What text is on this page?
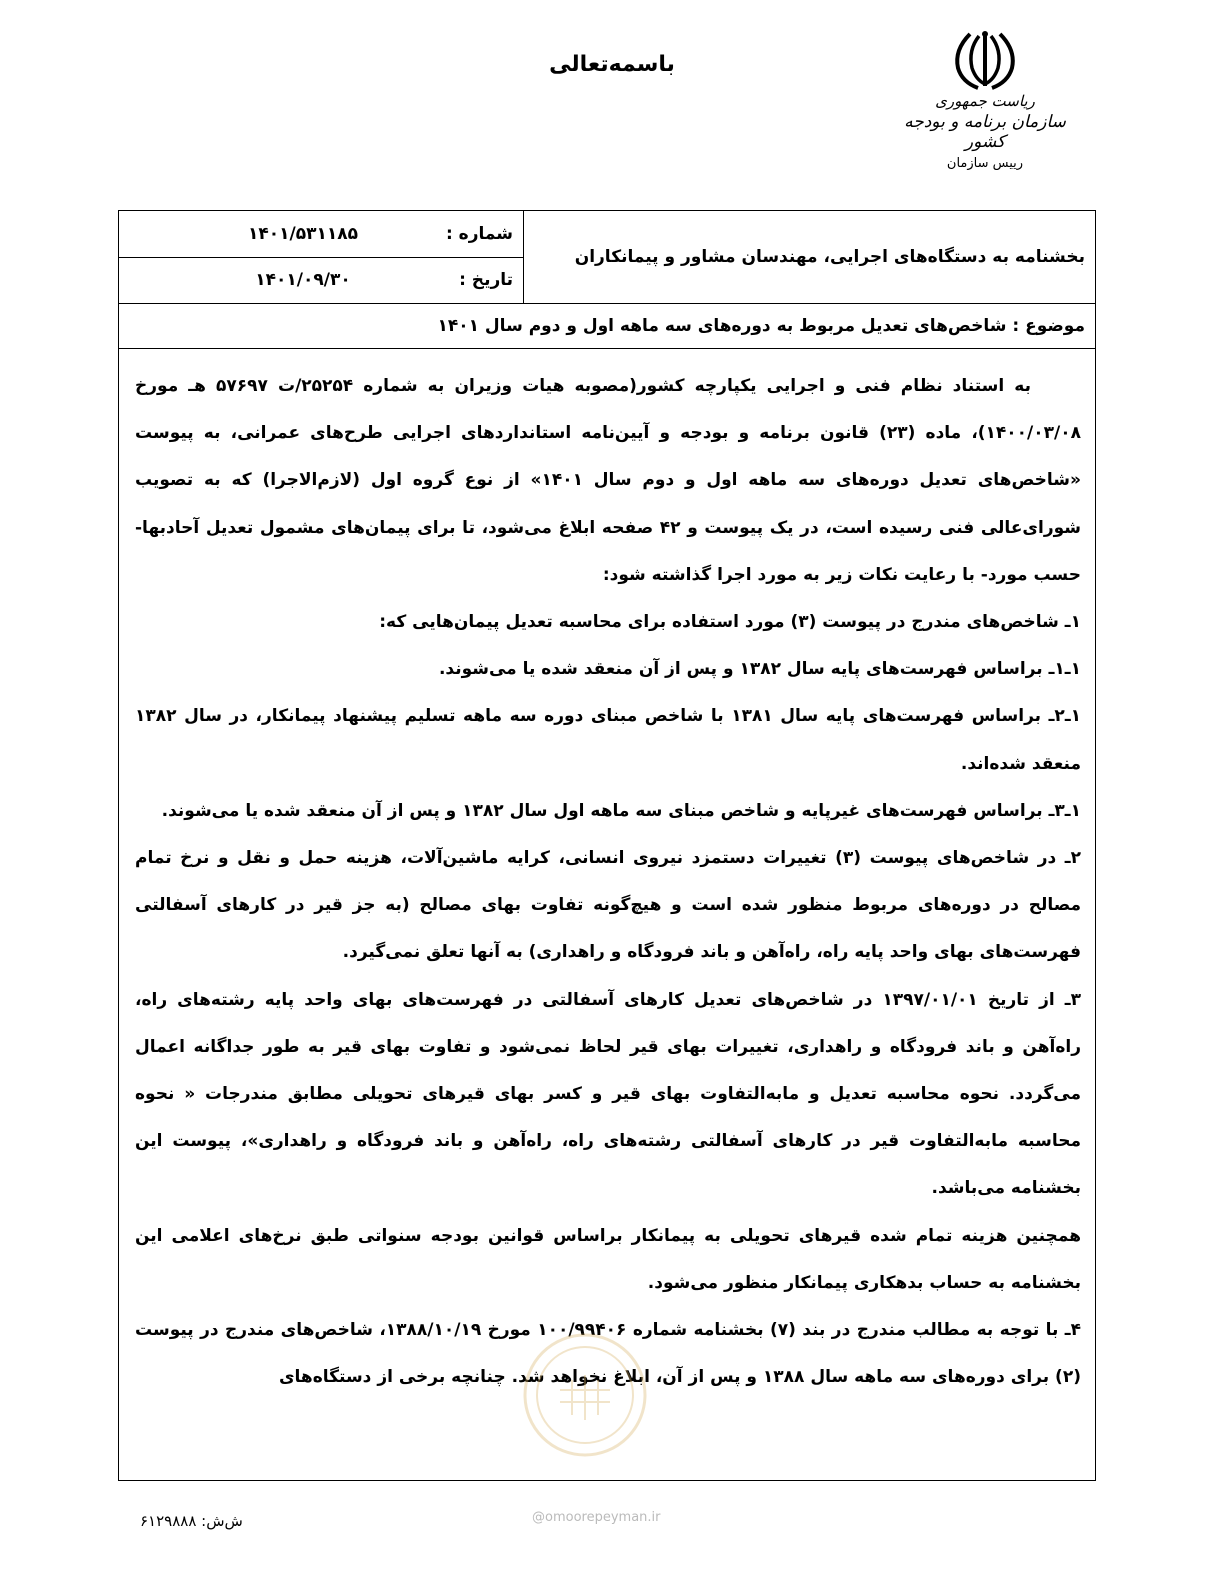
باسمه‌تعالی
ریاست جمهوری
سازمان برنامه و بودجه کشور
رییس سازمان
بخشنامه به دستگاه‌های اجرایی، مهندسان مشاور و پیمانکاران
شماره :
۱۴۰۱/۵۳۱۱۸۵
تاریخ :
۱۴۰۱/۰۹/۳۰
موضوع : شاخص‌های تعدیل مربوط به دوره‌های سه ماهه اول و دوم سال ۱۴۰۱

به استناد نظام فنی و اجرایی یکپارچه کشور(مصوبه هیات وزیران به شماره ۲۵۲۵۴/ت ۵۷۶۹۷ هـ مورخ ۱۴۰۰/۰۳/۰۸)، ماده (۲۳) قانون برنامه و بودجه و آیین‌نامه استانداردهای اجرایی طرح‌های عمرانی، به پیوست «شاخص‌های تعدیل دوره‌های سه ماهه اول و دوم سال ۱۴۰۱» از نوع گروه اول (لازم‌الاجرا) که به تصویب شورای‌عالی فنی رسیده است، در یک پیوست و ۴۲ صفحه ابلاغ می‌شود، تا برای پیمان‌های مشمول تعدیل آحادبها- حسب مورد- با رعایت نکات زیر به مورد اجرا گذاشته شود:

۱ـ شاخص‌های مندرج در پیوست (۳) مورد استفاده برای محاسبه تعدیل پیمان‌هایی که:

۱ـ۱ـ براساس فهرست‌های پایه سال ۱۳۸۲ و پس از آن منعقد شده یا می‌شوند.

۱ـ۲ـ براساس فهرست‌های پایه سال ۱۳۸۱ با شاخص مبنای دوره سه ماهه تسلیم پیشنهاد پیمانکار، در سال ۱۳۸۲ منعقد شده‌اند.

۱ـ۳ـ براساس فهرست‌های غیرپایه و شاخص مبنای سه ماهه اول سال ۱۳۸۲ و پس از آن منعقد شده یا می‌شوند.

۲ـ در شاخص‌های پیوست (۳) تغییرات دستمزد نیروی انسانی، کرایه ماشین‌آلات، هزینه حمل و نقل و نرخ تمام مصالح در دوره‌های مربوط منظور شده است و هیچ‌گونه تفاوت بهای مصالح (به جز قیر در کارهای آسفالتی فهرست‌های بهای واحد پایه راه، راه‌آهن و باند فرودگاه و راهداری) به آنها تعلق نمی‌گیرد.

۳ـ از تاریخ ۱۳۹۷/۰۱/۰۱ در شاخص‌های تعدیل کارهای آسفالتی در فهرست‌های بهای واحد پایه رشته‌های راه، راه‌آهن و باند فرودگاه و راهداری، تغییرات بهای قیر لحاظ نمی‌شود و تفاوت بهای قیر به طور جداگانه اعمال می‌گردد. نحوه محاسبه تعدیل و مابه‌التفاوت بهای قیر و کسر بهای قیرهای تحویلی مطابق مندرجات « نحوه محاسبه مابه‌التفاوت قیر در کارهای آسفالتی رشته‌های راه، راه‌آهن و باند فرودگاه و راهداری»، پیوست این بخشنامه می‌باشد.

همچنین هزینه تمام شده قیرهای تحویلی به پیمانکار براساس قوانین بودجه سنواتی طبق نرخ‌های اعلامی این بخشنامه به حساب بدهکاری پیمانکار منظور می‌شود.

۴ـ با توجه به مطالب مندرج در بند (۷) بخشنامه شماره ۱۰۰/۹۹۴۰۶ مورخ ۱۳۸۸/۱۰/۱۹، شاخص‌های مندرج در پیوست (۲) برای دوره‌های سه ماهه سال ۱۳۸۸ و پس از آن، ابلاغ نخواهد شد. چنانچه برخی از دستگاه‌های

ش‌ش: ۶۱۲۹۸۸۸	@omoorepeyman.ir
